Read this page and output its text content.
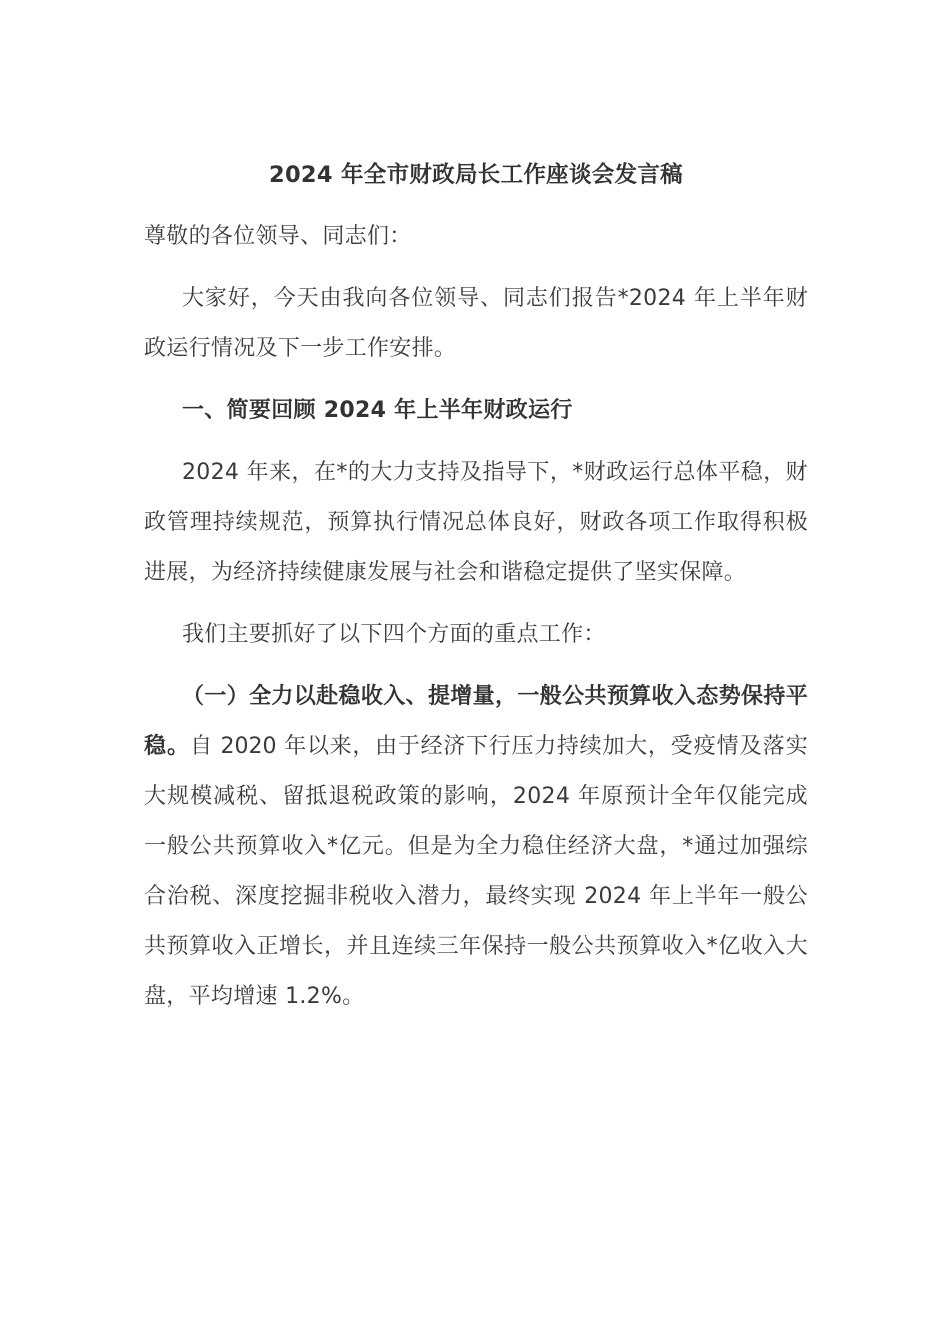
2024 年全市财政局长工作座谈会发言稿
尊敬的各位领导、同志们：
大家好，今天由我向各位领导、同志们报告*2024 年上半年财政运行情况及下一步工作安排。
一、简要回顾 2024 年上半年财政运行
2024 年来，在*的大力支持及指导下，*财政运行总体平稳，财政管理持续规范，预算执行情况总体良好，财政各项工作取得积极进展，为经济持续健康发展与社会和谐稳定提供了坚实保障。
我们主要抓好了以下四个方面的重点工作：
（一）全力以赴稳收入、提增量，一般公共预算收入态势保持平稳。自 2020 年以来，由于经济下行压力持续加大，受疫情及落实大规模减税、留抵退税政策的影响，2024 年原预计全年仅能完成一般公共预算收入*亿元。但是为全力稳住经济大盘，*通过加强综合治税、深度挖掘非税收入潜力，最终实现 2024 年上半年一般公共预算收入正增长，并且连续三年保持一般公共预算收入*亿收入大盘，平均增速 1.2%。
